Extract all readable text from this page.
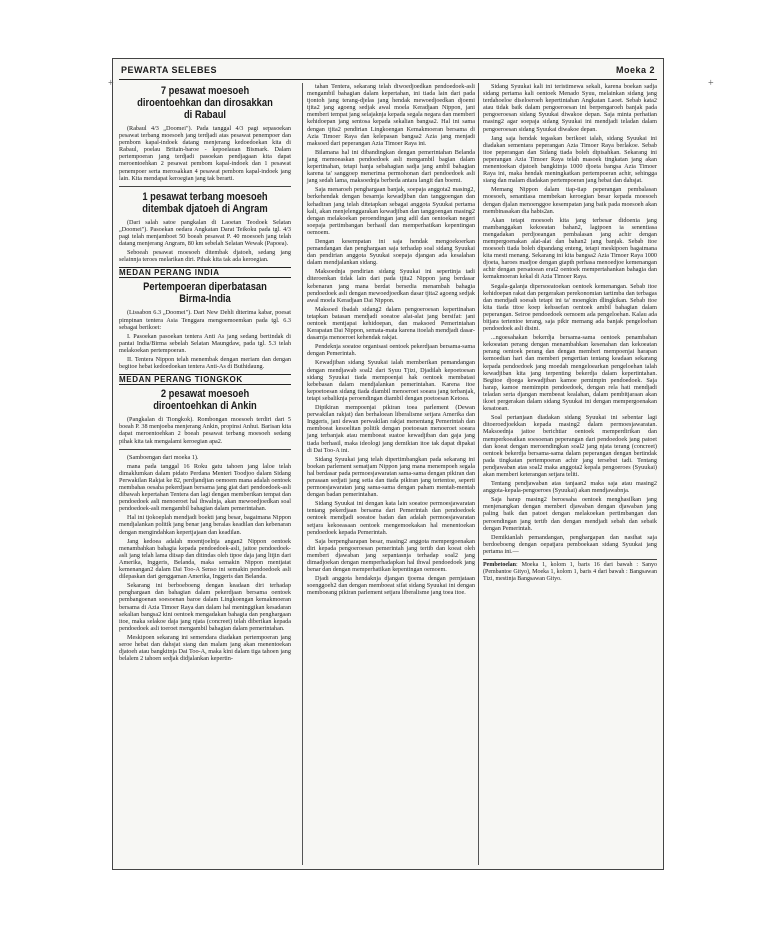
PEWARTA SELEBES	Moeka 2
7 pesawat moesoeh diroentoehkan dan dirosakkan di Rabaul

(Rabaul 4/3 „Doomei"). Pada tanggal 4/3 pagi sepasoekan pesawat terbang moesoeh jang terdjadi atas pesawat penempoer dan pembom kapal-indoek datang menjerang kedoedoekan kita di Rabaul, poelau Britain-baroe - kepoelauan Bismark. Dalam pertempoeran jang terdjadi pasoekan pendjagaan kita dapat meroentoehkan 2 pesawat pembom kapal-indoek dan 1 pesawat penempoer serta merosakkan 4 pesawat pembom kapal-indoek jang lain. Kita mendapat keroegian jang tak berarti.

1 pesawat terbang moesoeh ditembak djatoeh di Angram

(Dari salah satoe pangkalan di Laoetan Teodoek Selatan „Doomei"). Pasoekan oedara Angkatan Darat Teikoku pada tgl. 4/3 pagi telah menjamboet 50 boeah pesawat P. 40 moesoeh jang telah datang menjerang Angram, 80 km sebelah Selatan Wewak (Papoea).

Seboeah pesawat moesoeh ditembak djatoeh, sedang jang selainnja teroes melarikan diri. Pihak kita tak ada keroegian.

MEDAN PERANG INDIA
Pertempoeran diperbatasan Birma-India

(Lissabon 6.3 „Doomei"). Dari New Dehli diterima kabar, poesat pimpinan tentera Asia Tenggara mengoemoemkan pada tgl. 6.3 sebagai berikoet:

I. Pasoekan pasoekan tentera Anti As jang sedang bertindak di pantai India/Birma sebelah Selatan Maungdaw, pada tgl. 5.3 telah melakoekan pertempoeran.

II. Tentera Nippon telah menembak dengan meriam dan dengan begitoe hebat kedoedoekan tentera Anti-As di Buthidaung.

MEDAN PERANG TIONGKOK
2 pesawat moesoeh diroentoehkan di Ankin

(Pangkalan di Tiongkok). Rombongan moesoeh terdiri dari 5 boeah P. 38 menjoeba menjerang Ankin, propinsi Anhui. Barisan kita dapat meroentoehkan 2 boeah pesawat terbang moesoeh sedang pihak kita tak mengalami keroegian apa2.

(Samboengan dari moeka 1).

mana pada tanggal 16 Roku gatu tahoen jang laloe telah dimaklumkan dalam pidato Perdana Menteri Toodjoo dalam Sidang Perwakilan Rakjat ke 82, perdjandjian oemoem mana adalah oentoek membahas oesaha pekerdjaan bersama jang giat dari pendoedoek-asli dibawah kepertahan Tentera dan lagi dengan memberikan tempat dan pendoedoek asli menoeroet hal ihwalnja, akan mewoedjoedkan soal pendoedoek-asli mengambil bahagian dalam pemerintahan.

Hal ini tjokoeplah mendjadi boekti jang besar, bagaimana Nippon mendjalankan politik jang benar jang beralas keadilan dan kebenaran dengan mengindahkan kepertjajaan dan keadilan.

Jang kedoea adalah moentjoelnja angan2 Nippon oentoek menambahkan bahagia kepada pendoedoek-asli, jaitoe pendoedoek-asli jang telah lama diisap dan ditindas oleh tipoe daja jang litjin dari Amerika, Inggeris, Belanda, maka semakin Nippon mentjatat kemenangan2 dalam Dai Too-A Senso ini semakin pendoedoek asli dilepaskan dari genggaman Amerika, Inggeris dan Belanda.

Sekarang ini berboeboeng dengan keadaan diri terhadap penghargaan dan bahagian dalam pekerdjaan bersama oentoek pembangoenan soesoenan baroe dalam Lingkoengan kemakmoeran bersama di Azia Timoer Raya dan dalam hal meninggikan kesadaran sekalian bangsa2 kini oentoek mengadakan bahagia dan penghargaan itoe, maka selakoe daja jang njata (concreet) telah diberikan kepada pendoedoek asli toeroet mengambil bahagian dalam pemerintahan.

Meskipoen sekarang ini semendara diadakan pertempoeran jang seroe hebat dan dahsjat siang dan malam jang akan menentoekan djatoeh atau bangkitnja Dai Too-A, maka kini dalam tiga tahoen jang belalem 2 tahoen sedjak didjalankan kepertin-

tahan Tentera, sekarang telah diwoedjoedkan pendoedoek-asli mengambil bahagian dalam kepertahan, ini tiada lain dari pada tjontoh jang terang-djelas jang hendak mewoedjoedkan djoemi tjita2 jang agoeng sedjak awal moela Keradjaan Nippon, jani memberi tempat jang selajaknja kepada segala negara dan memberi kehidoepan jang sentosa kepada sekalian bangsa2. Hal ini sama dengan tjita2 pendirian Lingkoengan Kemakmoeran bersama di Azia Timoer Raya dan kelepasan bangsa2 Azia jang menjadi maksoed dari peperangan Azia Timoer Raya ini.

Bilamana hal ini dibandingkan dengan pemerintahan Belanda jang memoeaskan pendoedoek asli mengambil bagian dalam kepertinahan, tetapi hanja sebahagian sadja jang ambil bahagian karena ta' sanggoep menerima permohonan dari pendoedoek asli jang sedah lama, maksoednja berbeda antara langit dan boemi.

Saja menaroeh penghargaan banjak, soepaja anggota2 masing2, berkehendak dengan besarnja kewadjiban dan tanggoengan dan kehadiran jang telah ditetapkan sebagai anggota Syuukai pertama kali, akan menjelenggarakan kewadjiban dan tanggoengan masing2 dengan melakoekan peroendingan jang adil dan oentoekan negeri soepaja pertimbangan berhasil dan memperhatikan kepentingan oemoem.

Dengan kesempatan ini saja hendak mengoekoerkan pemandangan dan penghargaan saja terhadap soal sidang Syuukai dan pendirian anggota Syuukai soepaja djangan ada kesalahan dalam mendjalankan sidang.

Maksoednja pendirian sidang Syuukai ini sepertinja tadi diteroenkan tidak lain dari pada tjita2 Nippon jang berdasar kebenaran jang mana berdat bersedia menambah bahagia pendoedoek asli dengan mewoedjoedkan dasar tjita2 agoeng sedjak awal moela Keradjaan Dai Nippon.

Maksoed ibadah sidang2 dalam pengoeroesan kepertinahan tetapkan batasan mendjadi soeatoe alat-alat jang bersifat: jani oentoek mentjapai kehidoepan, dan maksoed Pemerintahan Kerapatan Dai Nippon, semata-mata karena itoelah mendjadi dasar-dasarnja menoeroet kehendak rakjat.

Pendeknja soeatoe organisasi oentoek pekerdjaan bersama-sama dengan Pemerintah.

Kewadjiban sidang Syuukai ialah memberikan pemandangan dengan mendjawab soal2 dari Syuu Tjizi, Djadilah kepoetoesan sidang Syuukai tiada mempoenjai hak oentoek membatasi kebebasan dalam mendjalankan pemerintahan. Karena itoe kepoetoesan sidang tiada diambil menoeroet soeara jang terbanjak, tetapi sebaliknja peroendingan diambil dengan poetoesan Ketoea.

Dipikiran mempoenjai pikiran toea parlement (Dewan perwakilan rakjat) dan berhaloean liberalisme setjara Amerika dan Inggeris, jani dewan perwakilan rakjat menentang Pemerintah dan memboeat kesoelitan politik dengan poetoesan menoeroet soeara jang terbanjak atau memboeat suatoe kewadjiban dan gaja jang tiada berhasil, maka ideologi jang demikian itoe tak dapat dipakai di Dai Too-A ini.

Sidang Syuukai jang telah dipertimbangkan pada sekarang ini boekan parlement sematjam Nippon jang mana menempoeh segala hal berdasar pada permoesjawaratan sama-sama dengan pikiran dan perasaan sedjati jang setia dan tiada pikiran jang tertentoe, seperti permoesjawaratan jang sama-sama dengan paham mentah-mentah dengan badan pemerintahan.

Sidang Syuukai ini dengan kata lain soeatoe permoesjawaratan tentang pekerdjaan bersama dari Pemerintah dan pendoedoek oentoek mendjadi soeatoe badan dan adalah permoesjawaratan setjara kekoeasaan oentoek mengemoekakan hal menentoekan pendoedoek kepada Pemerintah.

Saja berpengharapan besar, masing2 anggota mempergoenakan diri kepada pengoeroesan pemerintah jang tertib dan koeat oleh memberi djawaban jang sepantasnja terhadap soal2 jang dimadjoekan dengan memperhadapkan hal ihwal pendoedoek jang benar dan dengan memperhatikan kepentingan oemoem.

Djadi anggota hendaknja djangan tjoema dengan pernjataan soenggoeh2 dan dengan memboeat sifat sidang Syuukai ini dengan memboeang pikiran parlement setjara liberalisme jang toea itoe.

Sidang Syuukai kali ini teristimewa sekali, karena boekan sadja sidang pertama kali oentoek Menado Syuu, melainkan sidang jang terdahoeloe diseloeroeh kepertintahan Angkatan Laoet. Sebab kata2 atau tidak baik dalam pengoeroesan ini berpengaroeh banjak pada pengoeroesan sidang Syuukai diwakoe depan. Saja minta perhatian masing2 agar soepaja sidang Syuukai ini mendjadi teladan dalam pengoeroesan sidang Syuukai diwakoe depan.

Jang saja hendak tegaskan berikoet ialah, sidang Syuukai ini diadakan sementara peperangan Azia Timoer Raya berlakoe. Sebab itoe peperangan dan Sidang tiada boleh dipisahkan. Sekarang ini peperangan Azia Timoer Raya telah masoek tingkatan jang akan menentoekan djatoeh bangkitnja 1000 djoeta bangsa Azia Timoer Raya ini, maka hendak meningkatkan pertempoeran achir, sehingga siang dan malam diadakan pertempoeran jang hebat dan dahsjat.

Memang Nippon dalam tiap-tiap peperangan pembalasan moesoeh, senantiasa membekan keroegian besar kepada moesoeh dengan djalan menoenggoe kesempatan jang baik pada moesoeh akan membinasakan dia habis2an.

Akan tetapi moesoeh kita jang terbesar didoenia jang mambanggakan kekoeatan bahan2, lagipoen ia senentiasa mengadakan perdjoeangan pembalasan jang achir dengan mempergoenakan alat-alat dan bahan2 jang banjak. Sebab itoe moesoeh tiada boleh dipandang enteng, tetapi meskipoen bagaimana kita mesti menang. Sekarang ini kita bangsa2 Azia Timoer Raya 1000 djoeta, haroes madjoe dengan giapth perhasa menoedjoe kemenangan achir dengan persatoean erat2 oentoek mempertahankan bahagia dan kemakmoeran kekal di Azia Timoer Raya.

Segala-galanja dipersoeatoekan oentoek kemenangan. Sebab itoe kehidoepan rakat dan pergerakan perekonomian tartimba dan terbagas dan mendjadi soesah tetapi ini ta' moengkin dlingkikan. Sebab itoe kita tiada titoe koep kehssefan oentoek ambil bahagian dalam peperangan. Seiroe pendoedoek oemoem ada pengeloehan. Kalau ada bitjara tertentoe terang, saja pikir memang ada banjak pengeloehan pendoedoek asli disini.

...ngoesahakan bekerdja bersama-sama oentoek penambahan kekoeatan perang dengan menambahkan kesenahan dan kekoeatan perang oentoek perang dan dengan memberi mempoenjai harapan kemoedian hari dan memberi pengertian tentang keadaan sekarang kepada pendoedoek jang moedah mengeloearkan pengeloehan ialah kewadjiban kita jang terpenting bekerdja dalam kepertintahan. Begitoe djoega kewadjiban kamoe pemimpin pendoedoek. Saja harap, kamoe memimpin pendoedoek, dengan rela hati mendjadi teladan serta djangan membeeat kealahan, dalam pembitjaraan akan ikoet pergerakan dalam sidang Syuukai ini dengan mempergoenakan kesatoean.

Soal pertanjaan diadakan sidang Syuukai ini sebentar lagi ditoeroedjoekkan kepada masing2 dalam permoesjawaratan. Maksoednja jaitoe berichtiar oentoek memperdirikan dan memperkoeatkan soesoenan peperangan dari pendoedoek jang patoet dan koeat dengan meroendingkan soal2 jang njata terang (concreet) oentoek bekerdja bersama-sama dalam peperangan dengan bertindak pada tingkatan pertempoeran achir jang tersebut tadi. Tentang pendjawaban atas soal2 maka anggota2 kepala pengoeroes (Syuukai) akan memberi keterangan setjara teliti.

Tentang pendjawaban atas tanjaan2 maka saja atau masing2 anggota-kepala-pengoeroes (Syuukai) akan mendjawabnja.

Saja harap masing2 beroesaha oentoek menghasilkan jang menjenangkan dengan memberi djawaban dengan djawaban jang paling baik dan patoet dengan melakoekan pertimbangan dan peroendingan jang tertib dan dengan mendjadi sebah dan sebaik dengan Pemerintah.

Demikianlah pemandangan, penghargapan dan nasihat saja berdoeboeng dengan oepatjara pemboekaan sidang Syuukai jang pertama ini.—

Pembetoelan: Moeka 1, kolom 1, baris 16 dari bawah : Sanyo (Pembantoe Gityo), Moeka 1, kolom 1, baris 4 dari bawah : Bangsawan Tizi, mestinja Bangsawan Gityo.
+	+
